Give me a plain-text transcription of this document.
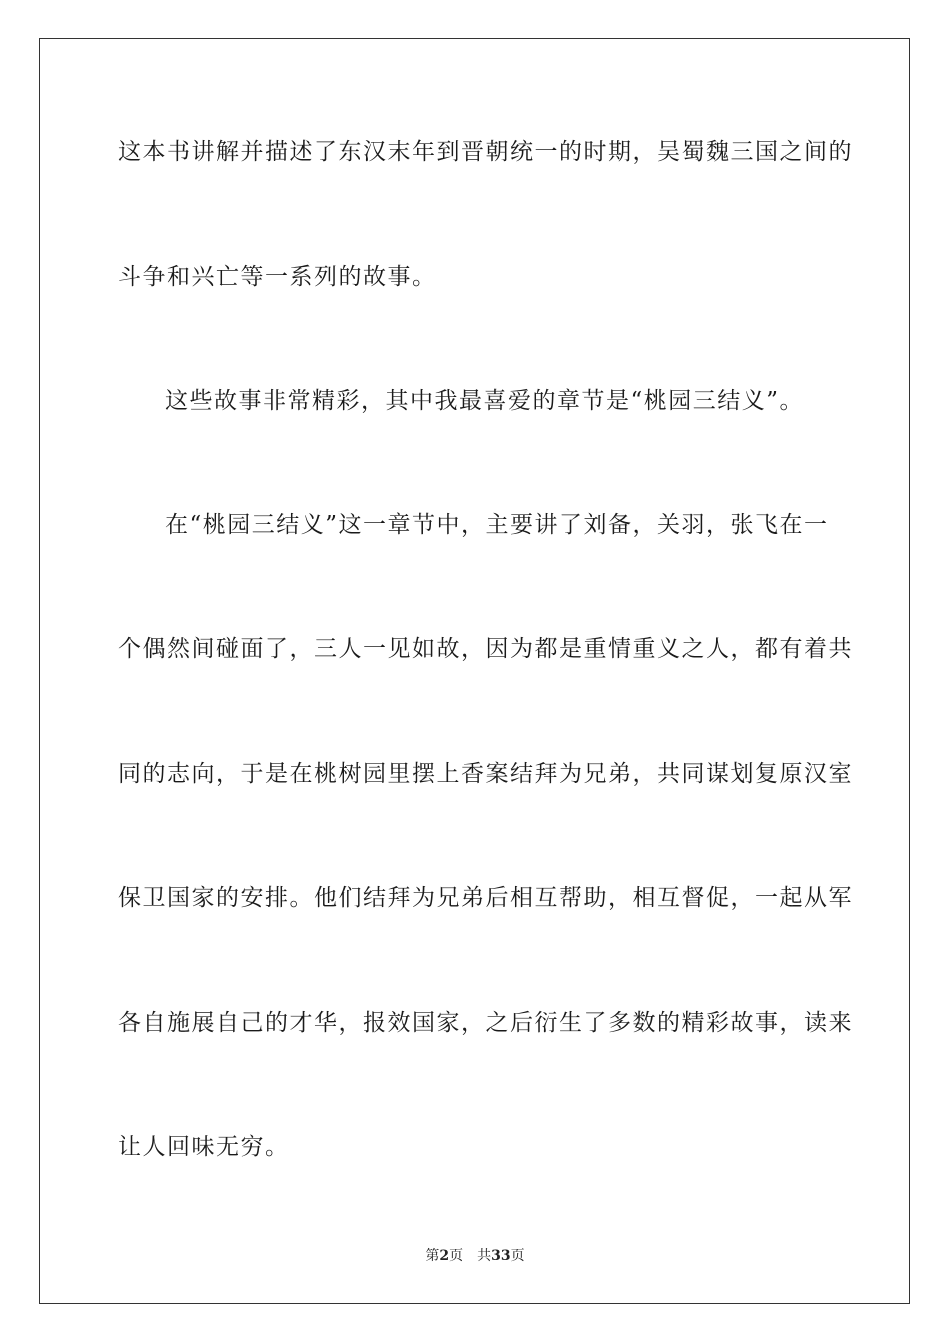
这本书讲解并描述了东汉末年到晋朝统一的时期，吴蜀魏三国之间的
斗争和兴亡等一系列的故事。
这些故事非常精彩，其中我最喜爱的章节是“桃园三结义”。
在“桃园三结义”这一章节中，主要讲了刘备，关羽，张飞在一
个偶然间碰面了，三人一见如故，因为都是重情重义之人，都有着共
同的志向，于是在桃树园里摆上香案结拜为兄弟，共同谋划复原汉室
保卫国家的安排。他们结拜为兄弟后相互帮助，相互督促，一起从军
各自施展自己的才华，报效国家，之后衍生了多数的精彩故事，读来
让人回味无穷。
第2页 共33页
